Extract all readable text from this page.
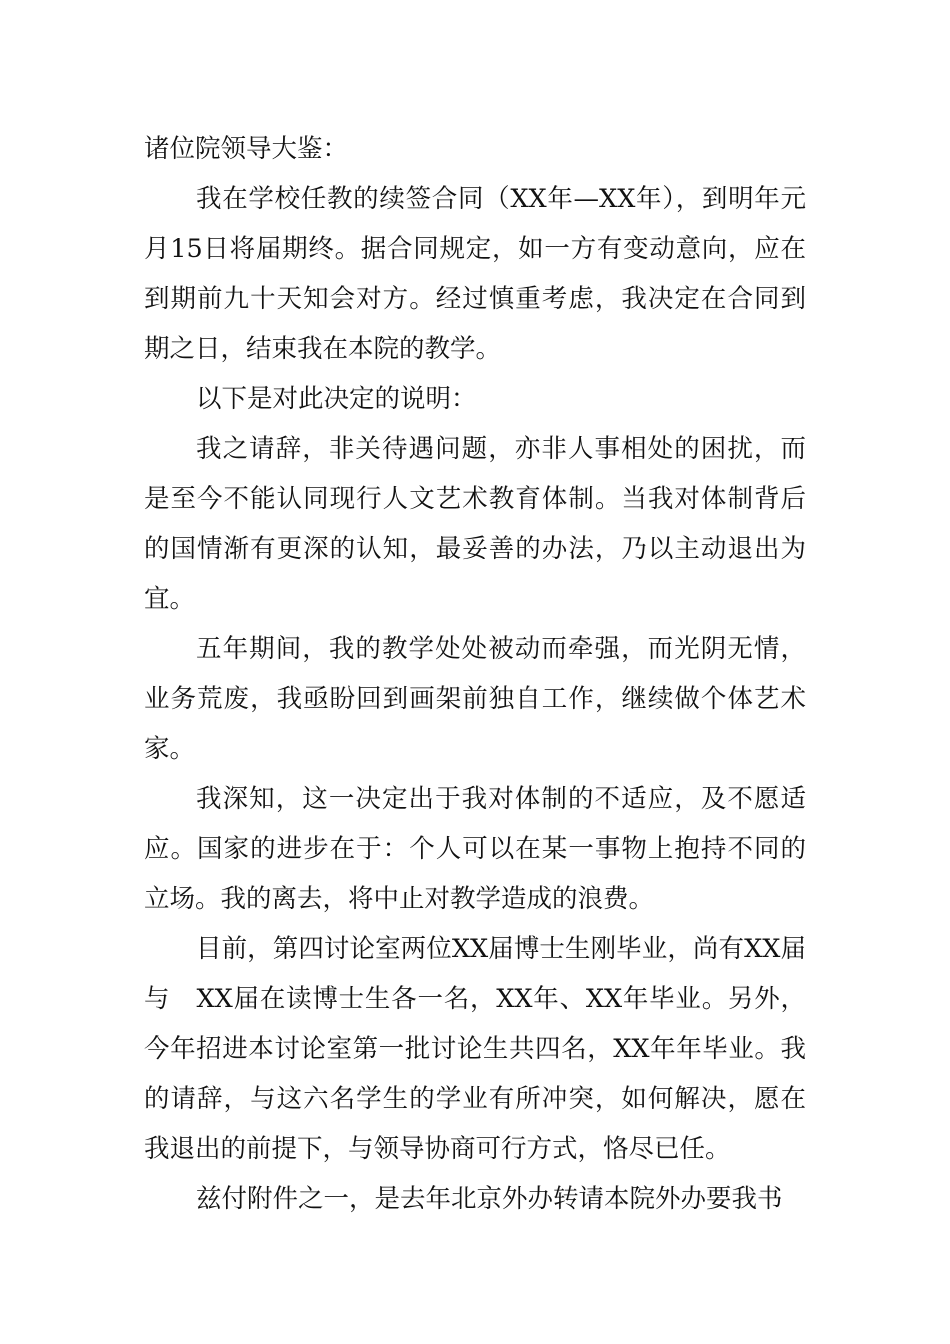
诸位院领导大鉴：

我在学校任教的续签合同（XX年—XX年），到明年元月15日将届期终。据合同规定，如一方有变动意向，应在到期前九十天知会对方。经过慎重考虑，我决定在合同到期之日，结束我在本院的教学。

以下是对此决定的说明：

我之请辞，非关待遇问题，亦非人事相处的困扰，而是至今不能认同现行人文艺术教育体制。当我对体制背后的国情渐有更深的认知，最妥善的办法，乃以主动退出为宜。

五年期间，我的教学处处被动而牵强，而光阴无情，业务荒废，我亟盼回到画架前独自工作，继续做个体艺术家。

我深知，这一决定出于我对体制的不适应，及不愿适应。国家的进步在于：个人可以在某一事物上抱持不同的立场。我的离去，将中止对教学造成的浪费。

目前，第四讨论室两位XX届博士生刚毕业，尚有XX届与　XX届在读博士生各一名，XX年、XX年毕业。另外，今年招进本讨论室第一批讨论生共四名，XX年年毕业。我的请辞，与这六名学生的学业有所冲突，如何解决，愿在我退出的前提下，与领导协商可行方式，恪尽已任。

兹付附件之一，是去年北京外办转请本院外办要我书
